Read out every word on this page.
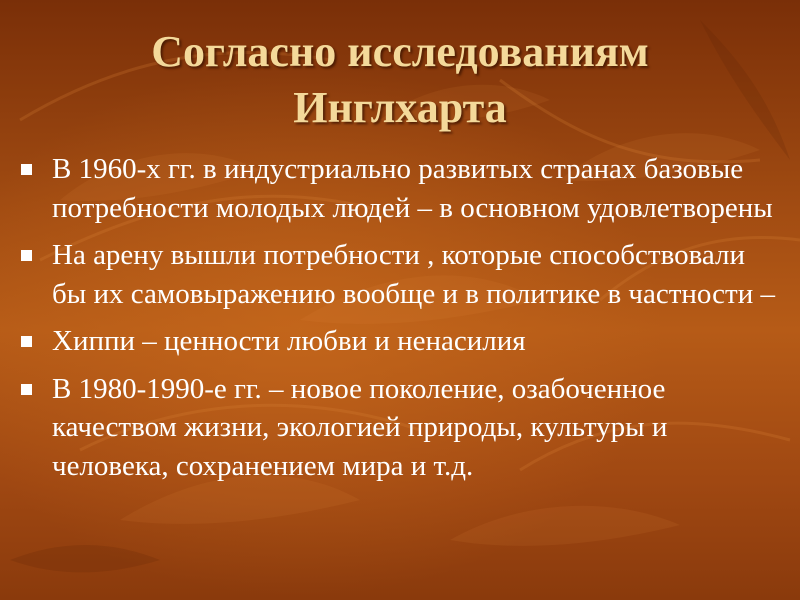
Согласно исследованиям
Инглхарта
В 1960-х гг. в индустриально развитых странах базовые потребности молодых людей – в основном удовлетворены
На арену вышли потребности , которые способствовали бы их самовыражению вообще и в политике в частности –
Хиппи – ценности любви и ненасилия
В 1980-1990-е гг. – новое поколение, озабоченное качеством жизни, экологией природы, культуры и человека, сохранением мира и т.д.
